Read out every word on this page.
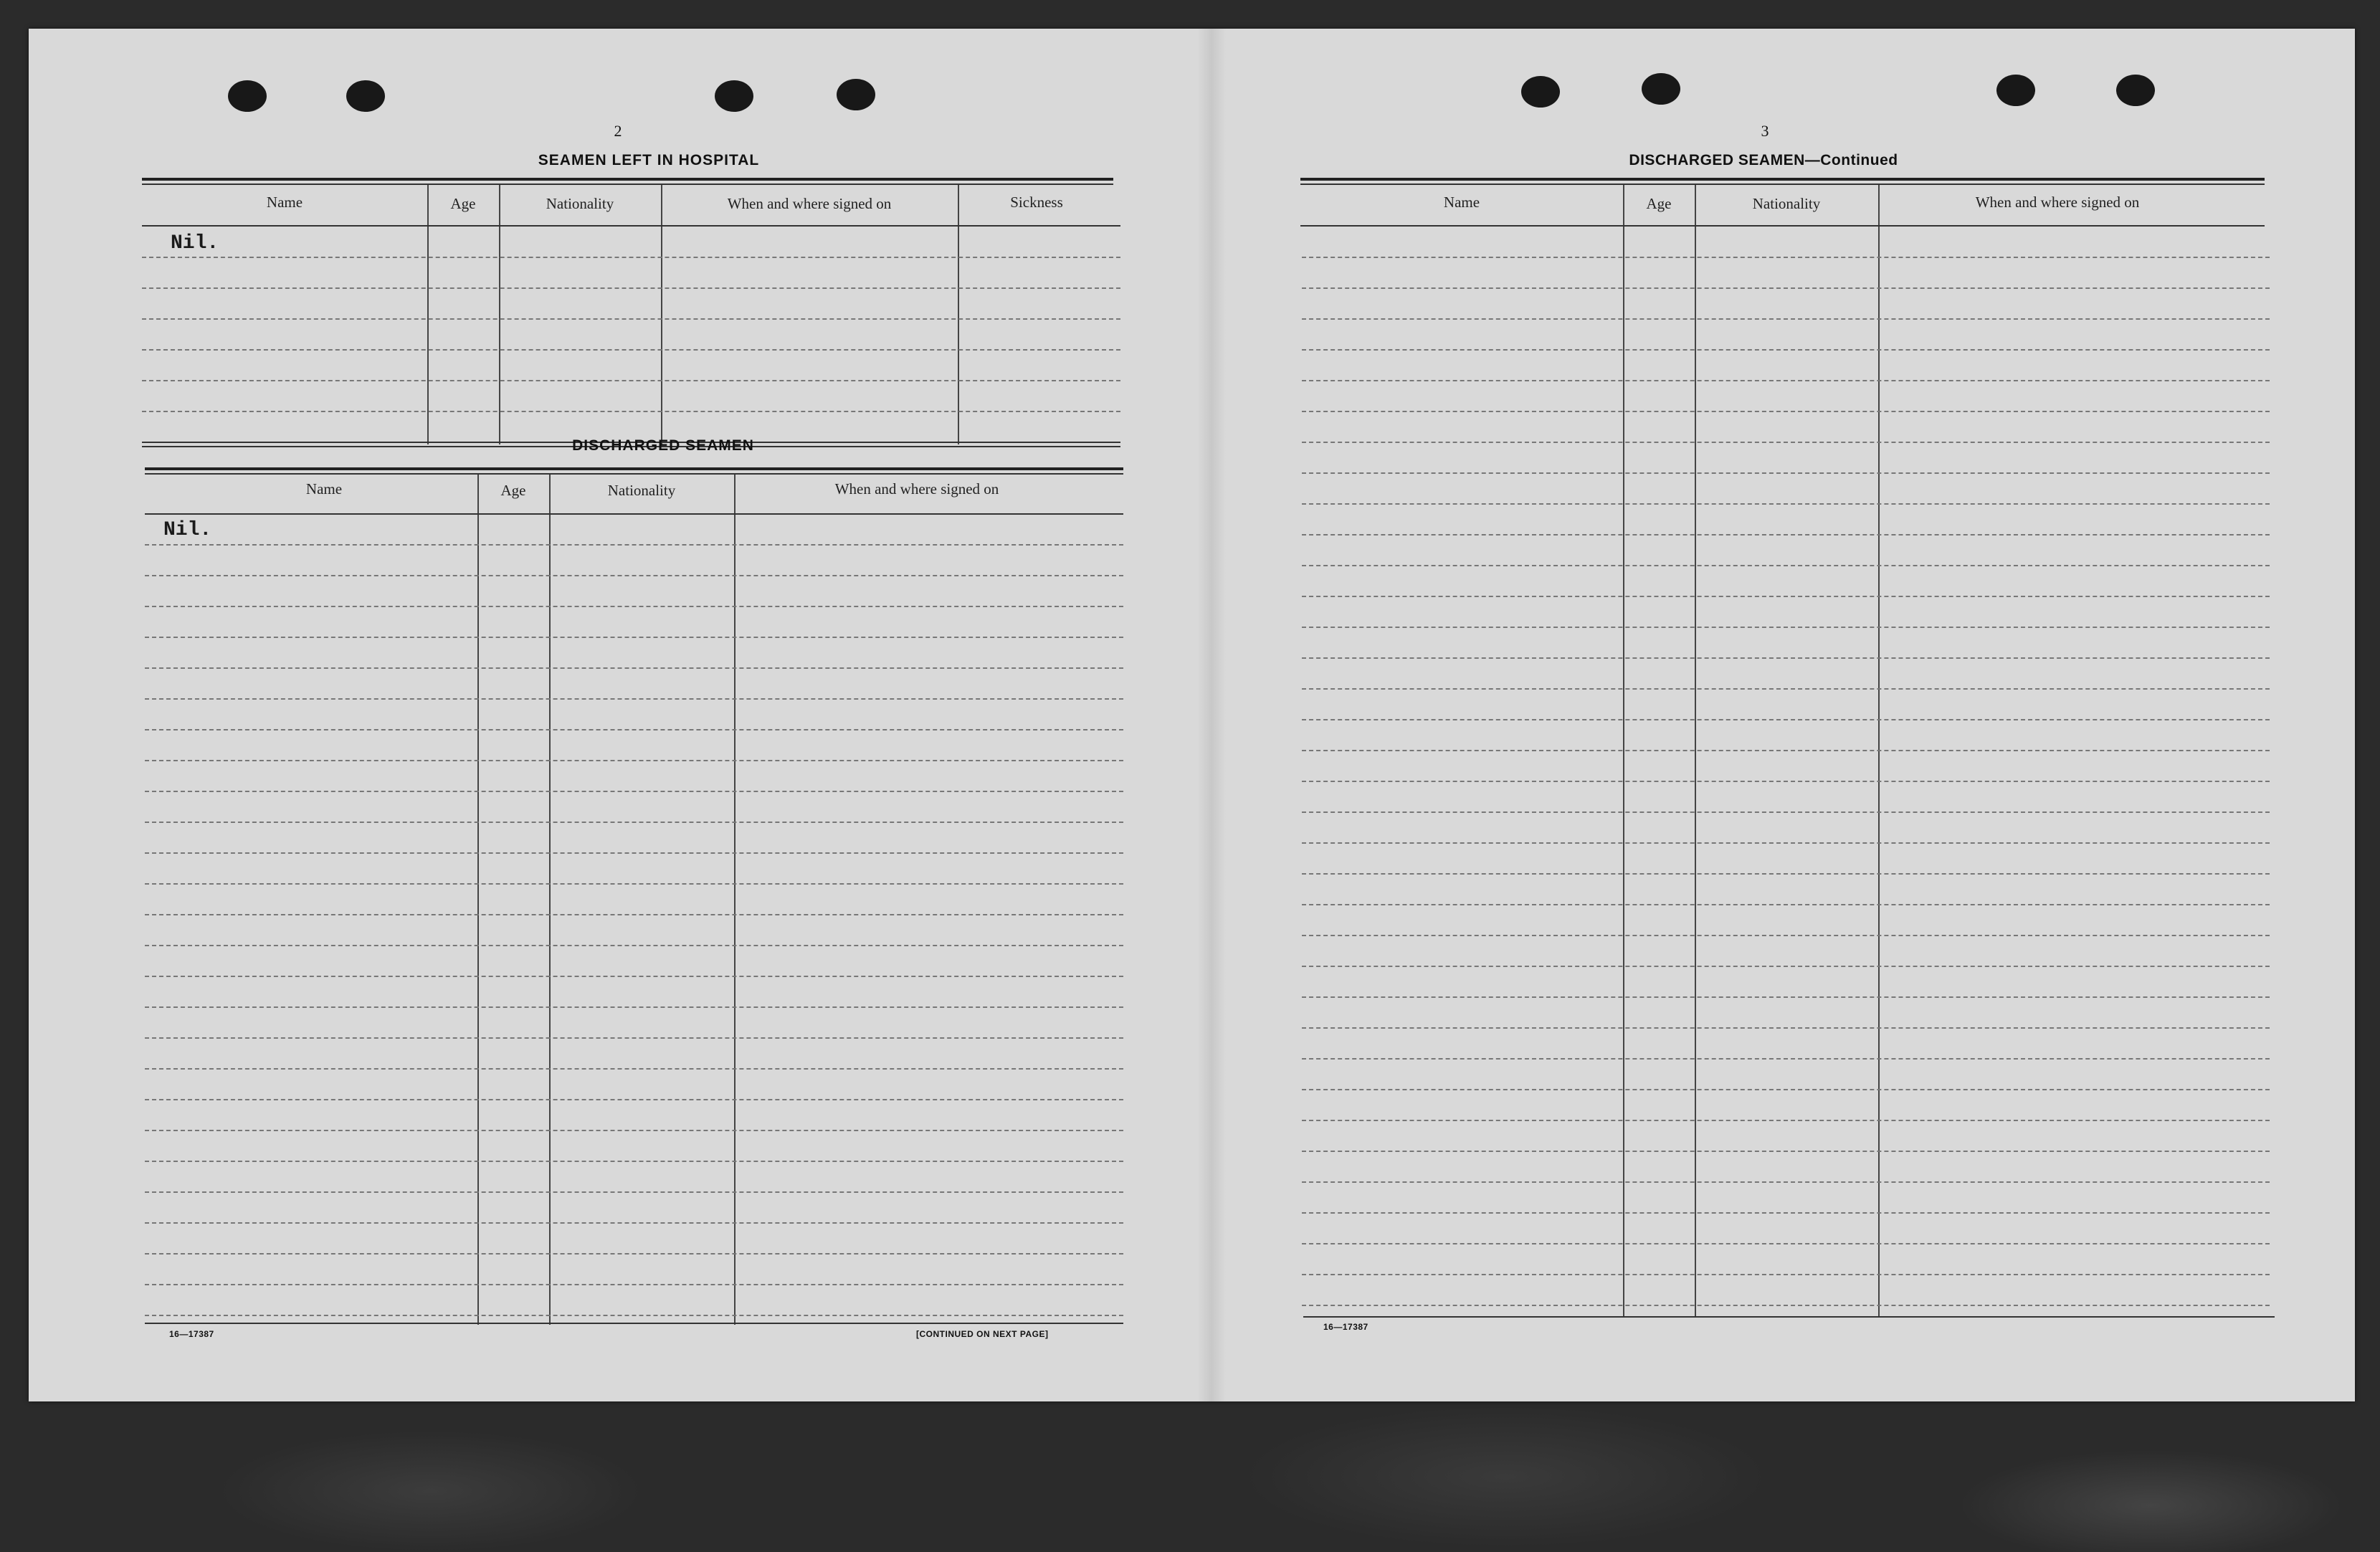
2
SEAMEN LEFT IN HOSPITAL
Name	Age	Nationality	When and where signed on	Sickness
Nil.
DISCHARGED SEAMEN
Name	Age	Nationality	When and where signed on
Nil.
16—17387	[CONTINUED ON NEXT PAGE]
3
DISCHARGED SEAMEN—Continued
Name	Age	Nationality	When and where signed on
16—17387
